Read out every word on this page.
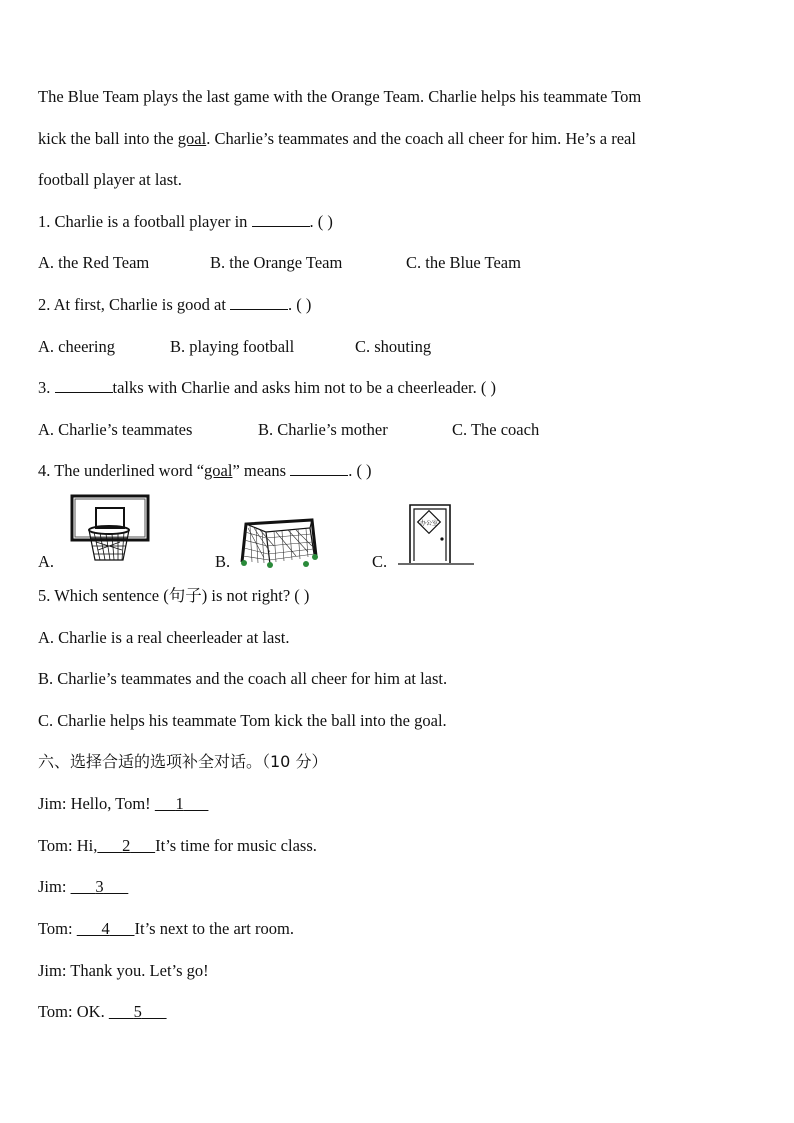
The Blue Team plays the last game with the Orange Team. Charlie helps his teammate Tom
kick the ball into the goal. Charlie’s teammates and the coach all cheer for him. He’s a real
football player at last.
1. Charlie is a football player in	. ( )
A. the Red Team	B. the Orange Team	C. the Blue Team
2. At first, Charlie is good at	. ( )
A. cheering	B. playing football	C. shouting
3.	talks with Charlie and asks him not to be a cheerleader. ( )
A. Charlie’s teammates	B. Charlie’s mother	C. The coach
4. The underlined word “goal” means	. ( )
A.	B.	C.
办公室
5. Which sentence (句子) is not right? ( )
A. Charlie is a real cheerleader at last.
B. Charlie’s teammates and the coach all cheer for him at last.
C. Charlie helps his teammate Tom kick the ball into the goal.
六、选择合适的选项补全对话。（10 分）
Jim: Hello, Tom! 1
Tom: Hi, 2 It’s time for music class.
Jim: 3
Tom: 4 It’s next to the art room.
Jim: Thank you. Let’s go!
Tom: OK. 5
